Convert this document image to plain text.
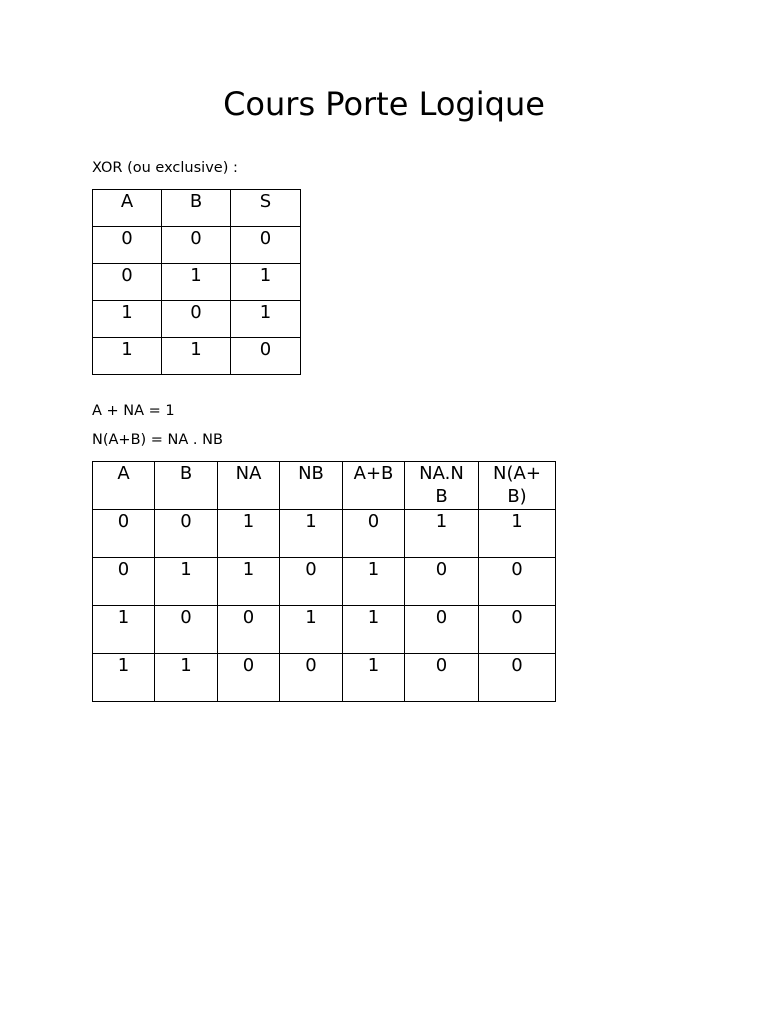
Cours Porte Logique

XOR (ou exclusive) :

A	B	S

0	0	0

0	1	1

1	0	1

1	1	0

A + NA = 1

N(A+B) = NA . NB

A	B	NA	NB	A+B	NA.NB	N(A+B)

0	0	1	1	0	1	1

0	1	1	0	1	0	0

1	0	0	1	1	0	0

1	1	0	0	1	0	0
